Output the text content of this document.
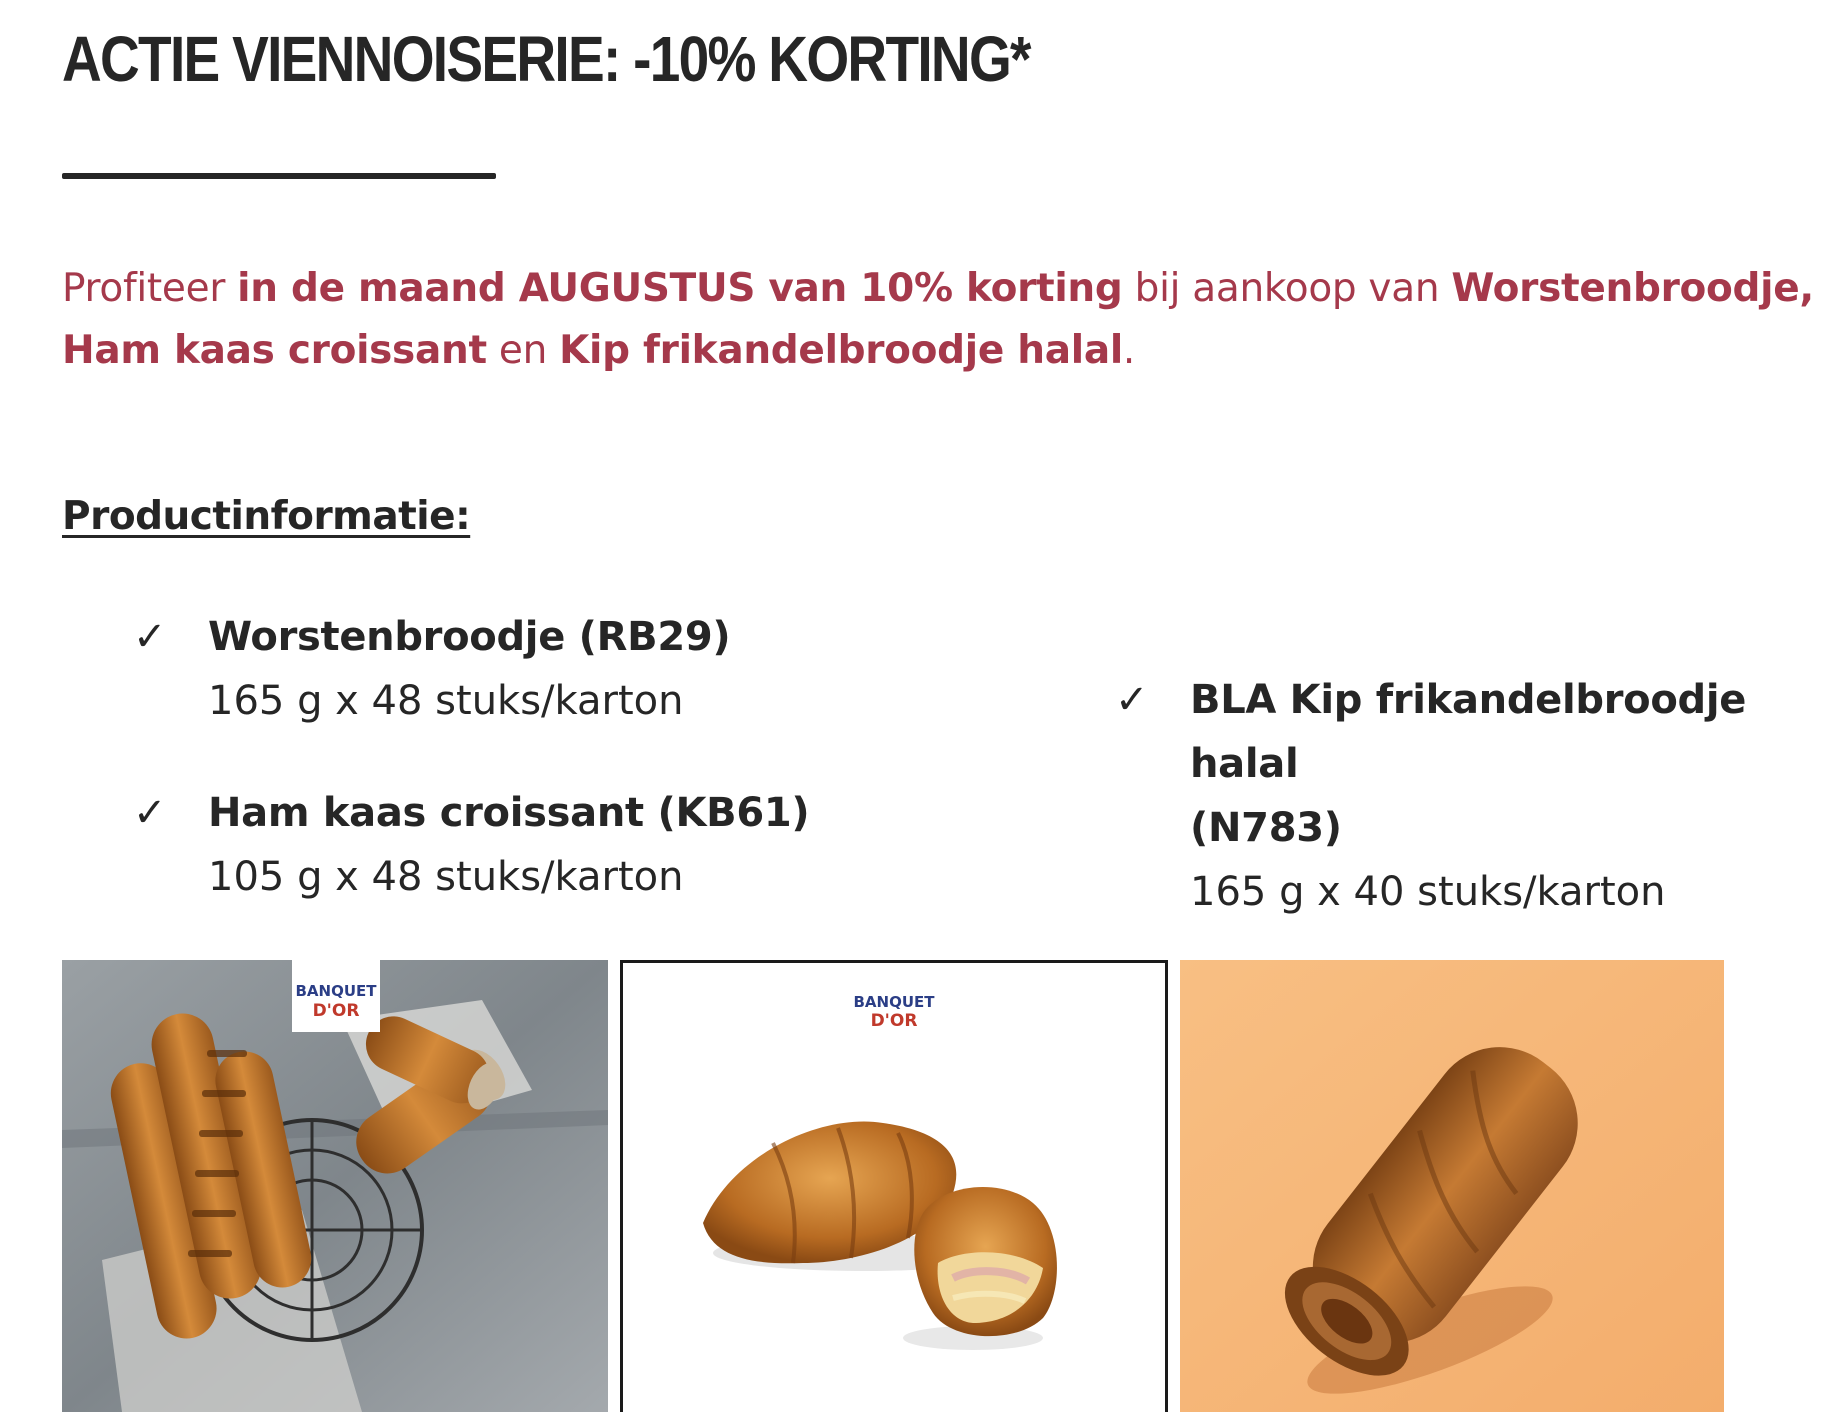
ACTIE VIENNOISERIE: -10% KORTING*

Profiteer in de maand AUGUSTUS van 10% korting bij aankoop van Worstenbroodje,
Ham kaas croissant en Kip frikandelbroodje halal.

Productinformatie:
✓ Worstenbroodje (RB29)
165 g x 48 stuks/karton
✓ Ham kaas croissant (KB61)
105 g x 48 stuks/karton
✓ BLA Kip frikandelbroodje halal
(N783)
165 g x 40 stuks/karton
BANQUET
D'OR	BANQUET
D'OR
